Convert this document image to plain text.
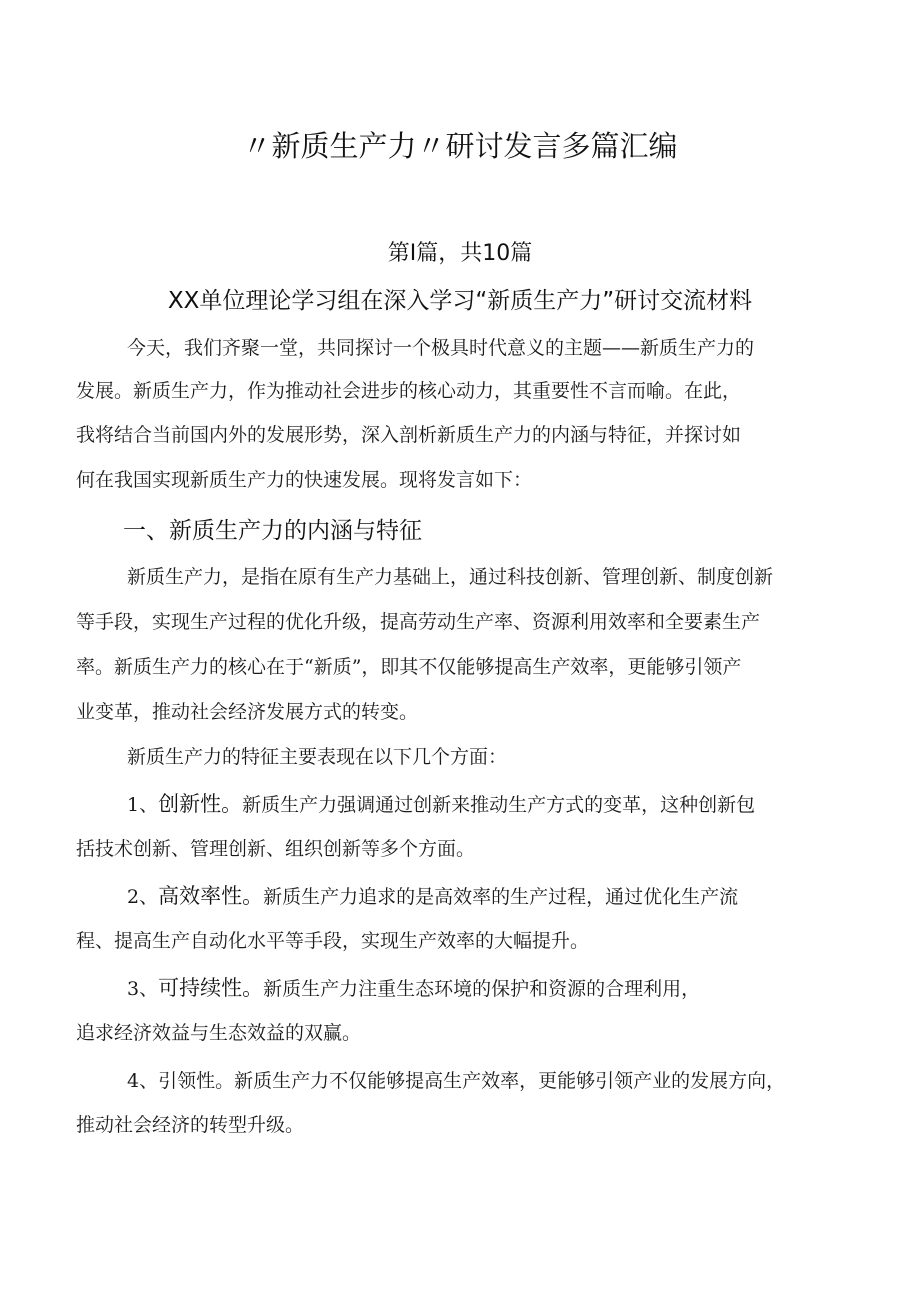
〃新质生产力〃研讨发言多篇汇编
第I篇，共10篇
XX单位理论学习组在深入学习“新质生产力”研讨交流材料
今天，我们齐聚一堂，共同探讨一个极具时代意义的主题——新质生产力的
发展。新质生产力，作为推动社会进步的核心动力，其重要性不言而喻。在此，
我将结合当前国内外的发展形势，深入剖析新质生产力的内涵与特征，并探讨如
何在我国实现新质生产力的快速发展。现将发言如下：
一、新质生产力的内涵与特征
新质生产力，是指在原有生产力基础上，通过科技创新、管理创新、制度创新
等手段，实现生产过程的优化升级，提高劳动生产率、资源利用效率和全要素生产
率。新质生产力的核心在于“新质”，即其不仅能够提高生产效率，更能够引领产
业变革，推动社会经济发展方式的转变。
新质生产力的特征主要表现在以下几个方面：
1、创新性。新质生产力强调通过创新来推动生产方式的变革，这种创新包
括技术创新、管理创新、组织创新等多个方面。
2、高效率性。新质生产力追求的是高效率的生产过程，通过优化生产流
程、提高生产自动化水平等手段，实现生产效率的大幅提升。
3、可持续性。新质生产力注重生态环境的保护和资源的合理利用，
追求经济效益与生态效益的双赢。
4、引领性。新质生产力不仅能够提高生产效率，更能够引领产业的发展方向，
推动社会经济的转型升级。
